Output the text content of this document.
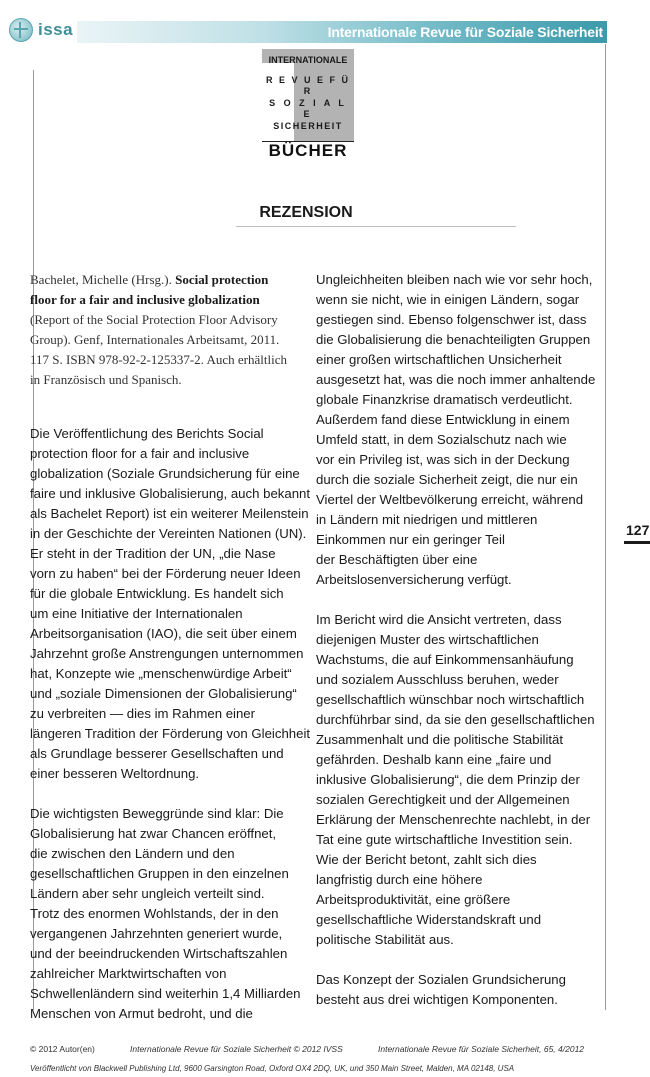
issa	Internationale Revue für Soziale Sicherheit
INTERNATIONALE
R E V U E F Ü R
S O Z I A L E
SICHERHEIT
BÜCHER
REZENSION
Bachelet, Michelle (Hrsg.). Social protection
floor for a fair and inclusive globalization
(Report of the Social Protection Floor Advisory
Group). Genf, Internationales Arbeitsamt, 2011.
117 S. ISBN 978-92-2-125337-2. Auch erhältlich
in Französisch und Spanisch.

Die Veröffentlichung des Berichts Social
protection floor for a fair and inclusive
globalization (Soziale Grundsicherung für eine
faire und inklusive Globalisierung, auch bekannt
als Bachelet Report) ist ein weiterer Meilenstein
in der Geschichte der Vereinten Nationen (UN).
Er steht in der Tradition der UN, „die Nase
vorn zu haben“ bei der Förderung neuer Ideen
für die globale Entwicklung. Es handelt sich
um eine Initiative der Internationalen
Arbeitsorganisation (IAO), die seit über einem
Jahrzehnt große Anstrengungen unternommen
hat, Konzepte wie „menschenwürdige Arbeit“
und „soziale Dimensionen der Globalisierung“
zu verbreiten — dies im Rahmen einer
längeren Tradition der Förderung von Gleichheit
als Grundlage besserer Gesellschaften und
einer besseren Weltordnung.

Die wichtigsten Beweggründe sind klar: Die
Globalisierung hat zwar Chancen eröffnet,
die zwischen den Ländern und den
gesellschaftlichen Gruppen in den einzelnen
Ländern aber sehr ungleich verteilt sind.
Trotz des enormen Wohlstands, der in den
vergangenen Jahrzehnten generiert wurde,
und der beeindruckenden Wirtschaftszahlen
zahlreicher Marktwirtschaften von
Schwellenländern sind weiterhin 1,4 Milliarden
Menschen von Armut bedroht, und die

Ungleichheiten bleiben nach wie vor sehr hoch,
wenn sie nicht, wie in einigen Ländern, sogar
gestiegen sind. Ebenso folgenschwer ist, dass
die Globalisierung die benachteiligten Gruppen
einer großen wirtschaftlichen Unsicherheit
ausgesetzt hat, was die noch immer anhaltende
globale Finanzkrise dramatisch verdeutlicht.
Außerdem fand diese Entwicklung in einem
Umfeld statt, in dem Sozialschutz nach wie
vor ein Privileg ist, was sich in der Deckung
durch die soziale Sicherheit zeigt, die nur ein
Viertel der Weltbevölkerung erreicht, während
in Ländern mit niedrigen und mittleren
Einkommen nur ein geringer Teil
der Beschäftigten über eine
Arbeitslosenversicherung verfügt.

Im Bericht wird die Ansicht vertreten, dass
diejenigen Muster des wirtschaftlichen
Wachstums, die auf Einkommensanhäufung
und sozialem Ausschluss beruhen, weder
gesellschaftlich wünschbar noch wirtschaftlich
durchführbar sind, da sie den gesellschaftlichen
Zusammenhalt und die politische Stabilität
gefährden. Deshalb kann eine „faire und
inklusive Globalisierung“, die dem Prinzip der
sozialen Gerechtigkeit und der Allgemeinen
Erklärung der Menschenrechte nachlebt, in der
Tat eine gute wirtschaftliche Investition sein.
Wie der Bericht betont, zahlt sich dies
langfristig durch eine höhere
Arbeitsproduktivität, eine größere
gesellschaftliche Widerstandskraft und
politische Stabilität aus.

Das Konzept der Sozialen Grundsicherung
besteht aus drei wichtigen Komponenten.

127
© 2012 Autor(en)	Internationale Revue für Soziale Sicherheit © 2012 IVSS	Internationale Revue für Soziale Sicherheit, 65, 4/2012
Veröffentlicht von Blackwell Publishing Ltd, 9600 Garsington Road, Oxford OX4 2DQ, UK, und 350 Main Street, Malden, MA 02148, USA
